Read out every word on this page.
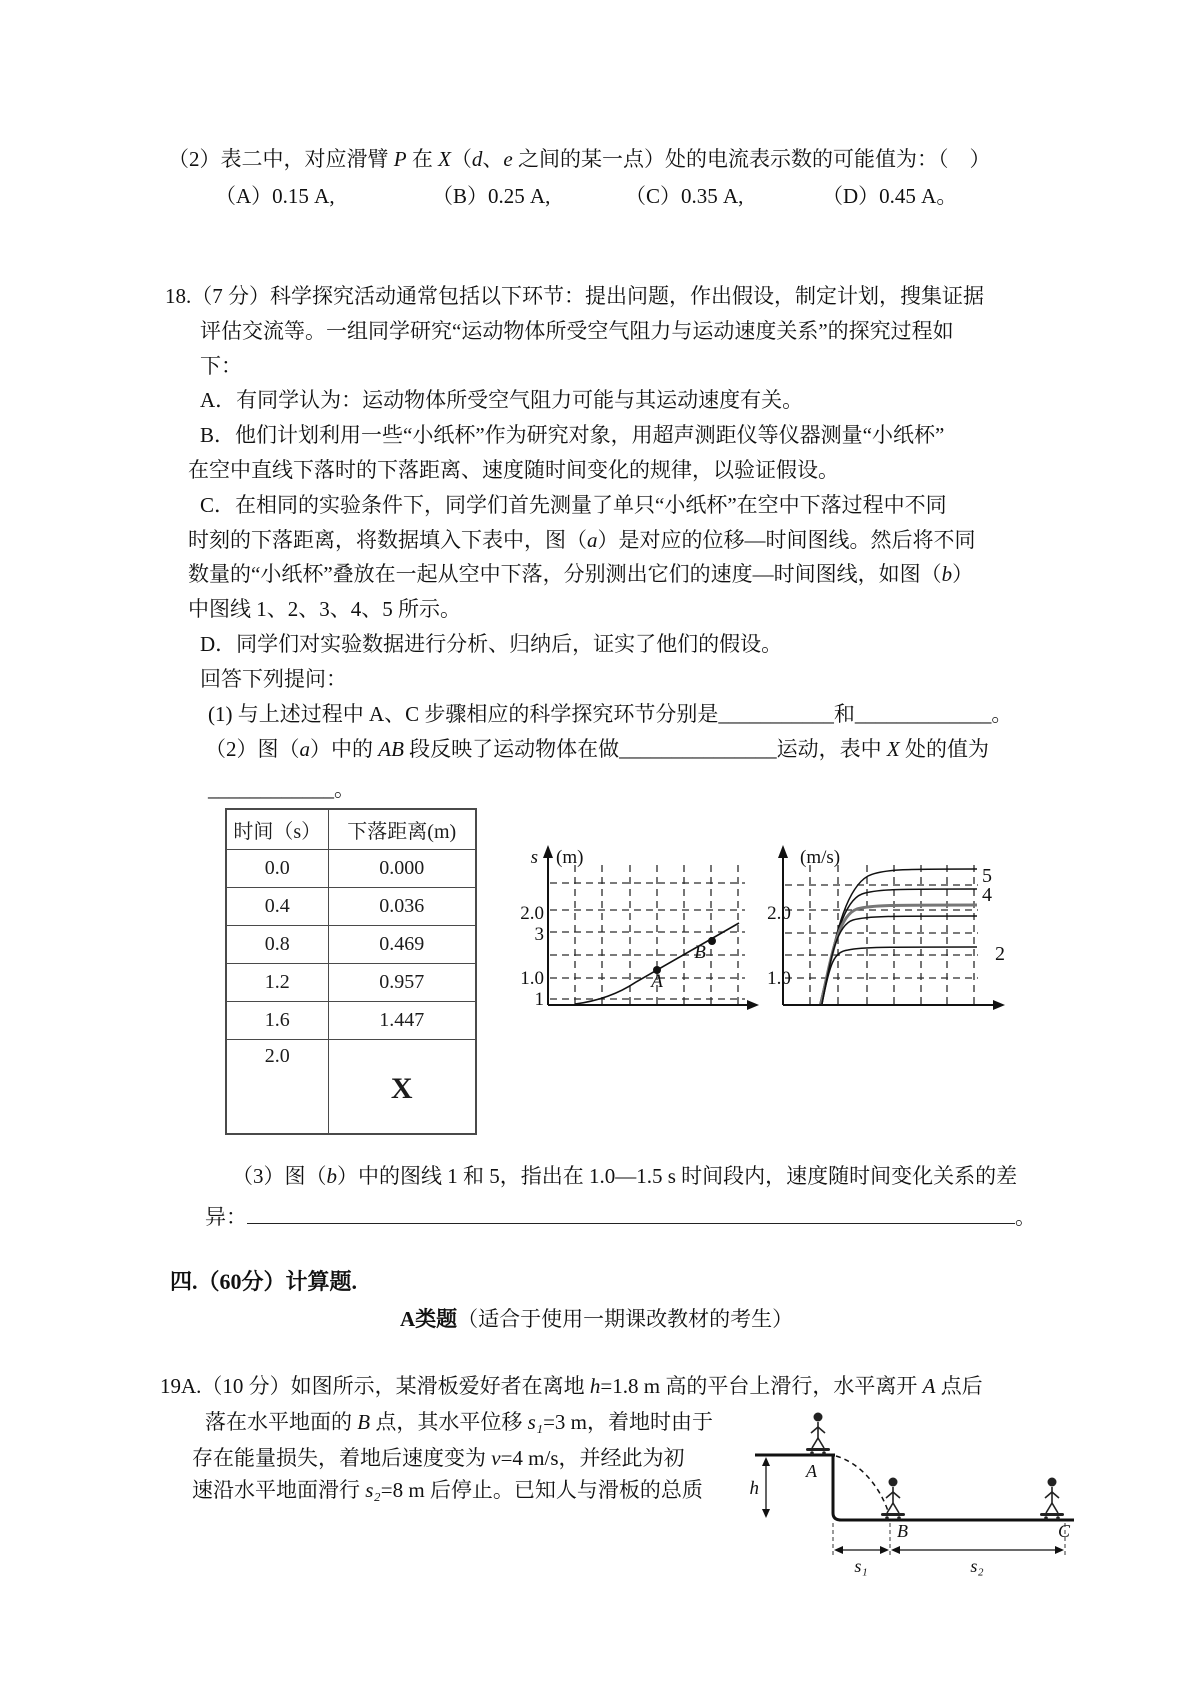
（2）表二中，对应滑臂 P 在 X（d、e 之间的某一点）处的电流表示数的可能值为：（　）
（A）0.15 A,	（B）0.25 A,	（C）0.35 A,	（D）0.45 A。
18.（7 分）科学探究活动通常包括以下环节：提出问题，作出假设，制定计划，搜集证据
评估交流等。一组同学研究“运动物体所受空气阻力与运动速度关系”的探究过程如
下：
A．有同学认为：运动物体所受空气阻力可能与其运动速度有关。
B．他们计划利用一些“小纸杯”作为研究对象，用超声测距仪等仪器测量“小纸杯”
在空中直线下落时的下落距离、速度随时间变化的规律，以验证假设。
C．在相同的实验条件下，同学们首先测量了单只“小纸杯”在空中下落过程中不同
时刻的下落距离，将数据填入下表中，图（a）是对应的位移—时间图线。然后将不同
数量的“小纸杯”叠放在一起从空中下落，分别测出它们的速度—时间图线，如图（b）
中图线 1、2、3、4、5 所示。
D．同学们对实验数据进行分析、归纳后，证实了他们的假设。
回答下列提问：
(1) 与上述过程中 A、C 步骤相应的科学探究环节分别是___________和_____________。
（2）图（a）中的 AB 段反映了运动物体在做_______________运动，表中 X 处的值为
____________。
时间（s）	下落距离(m)
0.0	0.000
0.4	0.036
0.8	0.469
1.2	0.957
1.6	1.447
2.0	X
s (m)
2.0
3
1.0
1
A
B
(m/s)
2.0
1.0
5
4
2
（3）图（b）中的图线 1 和 5，指出在 1.0—1.5 s 时间段内，速度随时间变化关系的差
异：	。
四.（60分）计算题.
A类题（适合于使用一期课改教材的考生）
19A.（10 分）如图所示，某滑板爱好者在离地 h=1.8 m 高的平台上滑行，水平离开 A 点后
落在水平地面的 B 点，其水平位移 s₁=3 m，着地时由于
存在能量损失，着地后速度变为 v=4 m/s，并经此为初
速沿水平地面滑行 s₂=8 m 后停止。已知人与滑板的总质 h
A
B	C
s₁	s₂
